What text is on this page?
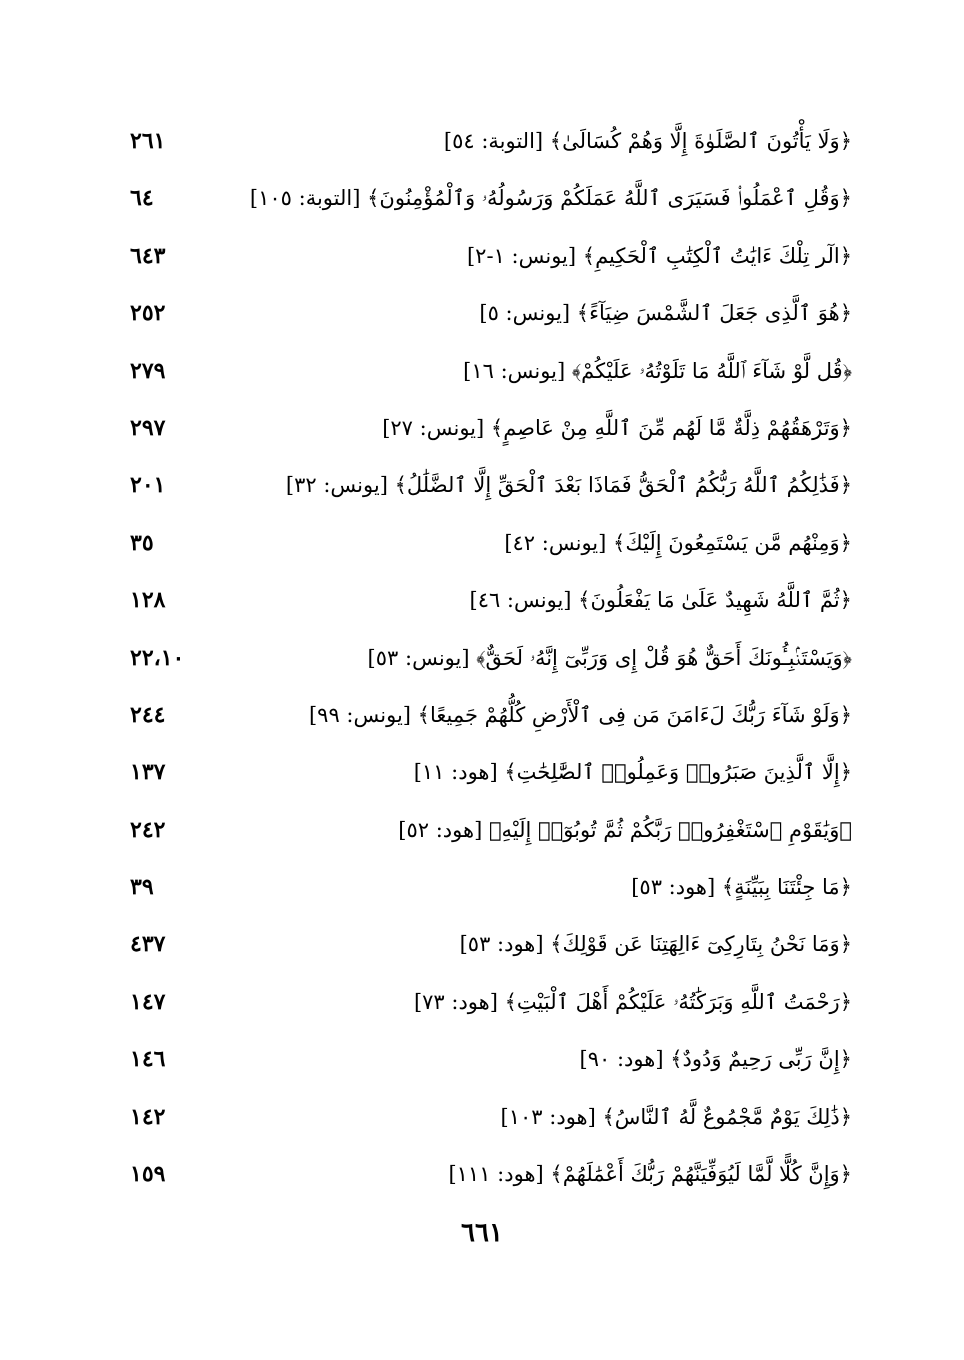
﴿وَلَا يَأْتُونَ ٱلصَّلَوٰةَ إِلَّا وَهُمْ كُسَالَىٰ﴾ [التوبة: ٥٤]
٢٦١
﴿وَقُلِ ٱعْمَلُوا۟ فَسَيَرَى ٱللَّهُ عَمَلَكُمْ وَرَسُولُهُۥ وَٱلْمُؤْمِنُونَ﴾ [التوبة: ١٠٥]
٦٤
﴿الٓر تِلْكَ ءَايَٰتُ ٱلْكِتَٰبِ ٱلْحَكِيمِ﴾ [يونس: ١-٢]
٦٤٣
﴿هُوَ ٱلَّذِى جَعَلَ ٱلشَّمْسَ ضِيَآءً﴾ [يونس: ٥]
٢٥٢
﴿قُل لَّوْ شَآءَ ٱللَّهُ مَا تَلَوْتُهُۥ عَلَيْكُمْ﴾ [يونس: ١٦]
٢٧٩
﴿وَتَرْهَقُهُمْ ذِلَّةٌ مَّا لَهُم مِّنَ ٱللَّهِ مِنْ عَاصِمٍ﴾ [يونس: ٢٧]
٢٩٧
﴿فَذَٰلِكُمُ ٱللَّهُ رَبُّكُمُ ٱلْحَقُّ فَمَاذَا بَعْدَ ٱلْحَقِّ إِلَّا ٱلضَّلَٰلُ﴾ [يونس: ٣٢]
٢٠١
﴿وَمِنْهُم مَّن يَسْتَمِعُونَ إِلَيْكَ﴾ [يونس: ٤٢]
٣٥
﴿ثُمَّ ٱللَّهُ شَهِيدٌ عَلَىٰ مَا يَفْعَلُونَ﴾ [يونس: ٤٦]
١٢٨
﴿وَيَسْتَنۢبِـُٔونَكَ أَحَقٌّ هُوَ قُلْ إِى وَرَبِّىٓ إِنَّهُۥ لَحَقٌّ﴾ [يونس: ٥٣]
٢٢،١٠
﴿وَلَوْ شَآءَ رَبُّكَ لَءَامَنَ مَن فِى ٱلْأَرْضِ كُلُّهُمْ جَمِيعًا﴾ [يونس: ٩٩]
٢٤٤
﴿إِلَّا ٱلَّذِينَ صَبَرُوا۟ وَعَمِلُوا۟ ٱلصَّٰلِحَٰتِ﴾ [هود: ١١]
١٣٧
﴿وَيَٰقَوْمِ ٱسْتَغْفِرُوا۟ رَبَّكُمْ ثُمَّ تُوبُوٓا۟ إِلَيْهِ﴾ [هود: ٥٢]
٢٤٢
﴿مَا جِئْتَنَا بِبَيِّنَةٍ﴾ [هود: ٥٣]
٣٩
﴿وَمَا نَحْنُ بِتَارِكِىٓ ءَالِهَتِنَا عَن قَوْلِكَ﴾ [هود: ٥٣]
٤٣٧
﴿رَحْمَتُ ٱللَّهِ وَبَرَكَٰتُهُۥ عَلَيْكُمْ أَهْلَ ٱلْبَيْتِ﴾ [هود: ٧٣]
١٤٧
﴿إِنَّ رَبِّى رَحِيمٌ وَدُودٌ﴾ [هود: ٩٠]
١٤٦
﴿ذَٰلِكَ يَوْمٌ مَّجْمُوعٌ لَّهُ ٱلنَّاسُ﴾ [هود: ١٠٣]
١٤٢
﴿وَإِنَّ كُلًّا لَّمَّا لَيُوَفِّيَنَّهُمْ رَبُّكَ أَعْمَٰلَهُمْ﴾ [هود: ١١١]
١٥٩
٦٦١
